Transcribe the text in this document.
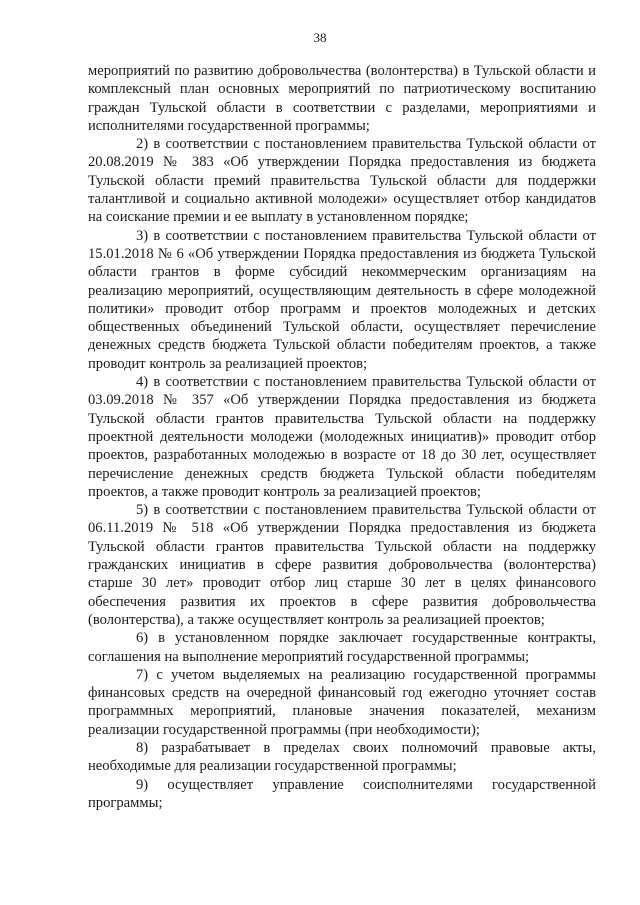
38

мероприятий по развитию добровольчества (волонтерства) в Тульской области и комплексный план основных мероприятий по патриотическому воспитанию граждан Тульской области в соответствии с разделами, мероприятиями и исполнителями государственной программы;

2) в соответствии с постановлением правительства Тульской области от 20.08.2019 № 383 «Об утверждении Порядка предоставления из бюджета Тульской области премий правительства Тульской области для поддержки талантливой и социально активной молодежи» осуществляет отбор кандидатов на соискание премии и ее выплату в установленном порядке;

3) в соответствии с постановлением правительства Тульской области от 15.01.2018 № 6 «Об утверждении Порядка предоставления из бюджета Тульской области грантов в форме субсидий некоммерческим организациям на реализацию мероприятий, осуществляющим деятельность в сфере молодежной политики» проводит отбор программ и проектов молодежных и детских общественных объединений Тульской области, осуществляет перечисление денежных средств бюджета Тульской области победителям проектов, а также проводит контроль за реализацией проектов;

4) в соответствии с постановлением правительства Тульской области от 03.09.2018 № 357 «Об утверждении Порядка предоставления из бюджета Тульской области грантов правительства Тульской области на поддержку проектной деятельности молодежи (молодежных инициатив)» проводит отбор проектов, разработанных молодежью в возрасте от 18 до 30 лет, осуществляет перечисление денежных средств бюджета Тульской области победителям проектов, а также проводит контроль за реализацией проектов;

5) в соответствии с постановлением правительства Тульской области от 06.11.2019 № 518 «Об утверждении Порядка предоставления из бюджета Тульской области грантов правительства Тульской области на поддержку гражданских инициатив в сфере развития добровольчества (волонтерства) старше 30 лет» проводит отбор лиц старше 30 лет в целях финансового обеспечения развития их проектов в сфере развития добровольчества (волонтерства), а также осуществляет контроль за реализацией проектов;

6) в установленном порядке заключает государственные контракты, соглашения на выполнение мероприятий государственной программы;

7) с учетом выделяемых на реализацию государственной программы финансовых средств на очередной финансовый год ежегодно уточняет состав программных мероприятий, плановые значения показателей, механизм реализации государственной программы (при необходимости);

8) разрабатывает в пределах своих полномочий правовые акты, необходимые для реализации государственной программы;

9) осуществляет управление соисполнителями государственной программы;
